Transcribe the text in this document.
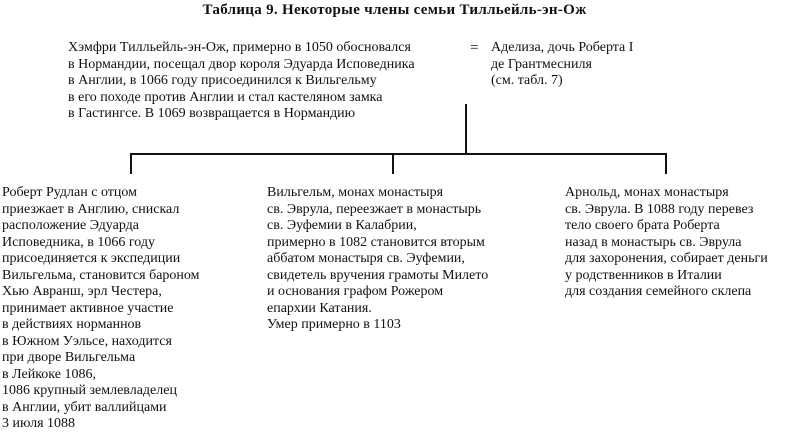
Таблица 9. Некоторые члены семьи Тилльейль-эн-Ож
Хэмфри Тилльейль-эн-Ож, примерно в 1050 обосновался
в Нормандии, посещал двор короля Эдуарда Исповедника
в Англии, в 1066 году присоединился к Вильгельму
в его походе против Англии и стал кастеляном замка
в Гастингсе. В 1069 возвращается в Нормандию
= Аделиза, дочь Роберта I
де Грантмесниля
(см. табл. 7)
Роберт Рудлан с отцом
приезжает в Англию, снискал
расположение Эдуарда
Исповедника, в 1066 году
присоединяется к экспедиции
Вильгельма, становится бароном
Хью Авранш, эрл Честера,
принимает активное участие
в действиях норманнов
в Южном Уэльсе, находится
при дворе Вильгельма
в Лейкоке 1086,
1086 крупный землевладелец
в Англии, убит валлийцами
3 июля 1088
Вильгельм, монах монастыря
св. Эврула, переезжает в монастырь
св. Эуфемии в Калабрии,
примерно в 1082 становится вторым
аббатом монастыря св. Эуфемии,
свидетель вручения грамоты Милето
и основания графом Рожером
епархии Катания.
Умер примерно в 1103
Арнольд, монах монастыря
св. Эврула. В 1088 году перевез
тело своего брата Роберта
назад в монастырь св. Эврула
для захоронения, собирает деньги
у родственников в Италии
для создания семейного склепа
